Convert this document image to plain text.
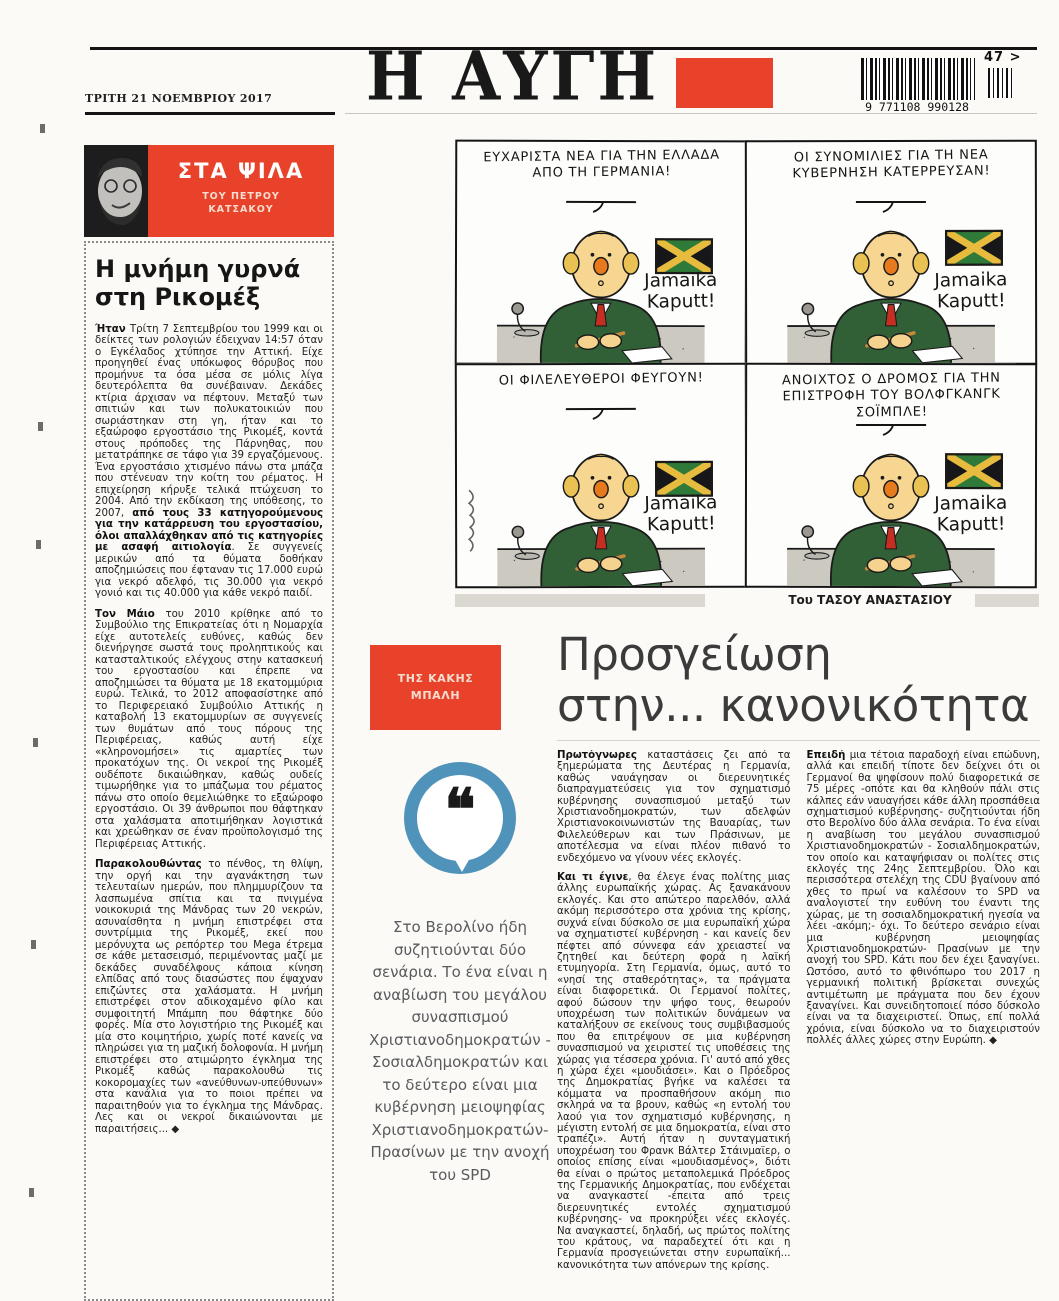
ΤΡΙΤΗ 21 ΝΟΕΜΒΡΙΟΥ 2017	Η ΑΥΓΗ	9 771108 990128
47 >
ΣΤΑ ΨΙΛΑ
ΤΟΥ ΠΕΤΡΟΥ
ΚΑΤΣΑΚΟΥ
Η μνήμη γυρνά στη Ρικομέξ

Ήταν Τρίτη 7 Σεπτεμβρίου του 1999 και οι δείκτες των ρολογιών έδειχναν 14:57 όταν ο Εγκέλαδος χτύπησε την Αττική. Είχε προηγηθεί ένας υπόκωφος θόρυβος που προμήνυε τα όσα μέσα σε μόλις λίγα δευτερόλεπτα θα συνέβαιναν. Δεκάδες κτίρια άρχισαν να πέφτουν. Μεταξύ των σπιτιών και των πολυκατοικιών που σωριάστηκαν στη γη, ήταν και το εξαώροφο εργοστάσιο της Ρικομέξ, κοντά στους πρόποδες της Πάρνηθας, που μετατράπηκε σε τάφο για 39 εργαζόμενους. Ένα εργοστάσιο χτισμένο πάνω στα μπάζα που στένευαν την κοίτη του ρέματος. Η επιχείρηση κήρυξε τελικά πτώχευση το 2004. Από την εκδίκαση της υπόθεσης, το 2007, από τους 33 κατηγορούμενους για την κατάρρευση του εργοστασίου, όλοι απαλλάχθηκαν από τις κατηγορίες με ασαφή αιτιολογία. Σε συγγενείς μερικών από τα θύματα δοθήκαν αποζημιώσεις που έφταναν τις 17.000 ευρώ για νεκρό αδελφό, τις 30.000 για νεκρό γονιό και τις 40.000 για κάθε νεκρό παιδί.

Τον Μάιο του 2010 κρίθηκε από το Συμβούλιο της Επικρατείας ότι η Νομαρχία είχε αυτοτελείς ευθύνες, καθώς δεν διενήργησε σωστά τους προληπτικούς και κατασταλτικούς ελέγχους στην κατασκευή του εργοστασίου και έπρεπε να αποζημιώσει τα θύματα με 18 εκατομμύρια ευρώ. Τελικά, το 2012 αποφασίστηκε από το Περιφερειακό Συμβούλιο Αττικής η καταβολή 13 εκατομμυρίων σε συγγενείς των θυμάτων από τους πόρους της Περιφέρειας, καθώς αυτή είχε «κληρονομήσει» τις αμαρτίες των προκατόχων της. Οι νεκροί της Ρικομέξ ουδέποτε δικαιώθηκαν, καθώς ουδείς τιμωρήθηκε για το μπάζωμα του ρέματος πάνω στο οποίο θεμελιώθηκε το εξαώροφο εργοστάσιο. Οι 39 άνθρωποι που θάφτηκαν στα χαλάσματα αποτιμήθηκαν λογιστικά και χρεώθηκαν σε έναν προϋπολογισμό της Περιφέρειας Αττικής.

Παρακολουθώντας το πένθος, τη θλίψη, την οργή και την αγανάκτηση των τελευταίων ημερών, που πλημμυρίζουν τα λασπωμένα σπίτια και τα πνιγμένα νοικοκυριά της Μάνδρας των 20 νεκρών, ασυναίσθητα η μνήμη επιστρέφει στα συντρίμμια της Ρικομέξ, εκεί που μερόνυχτα ως ρεπόρτερ του Mega έτρεμα σε κάθε μετασεισμό, περιμένοντας μαζί με δεκάδες συναδέλφους κάποια κίνηση ελπίδας από τους διασώστες που έψαχναν επιζώντες στα χαλάσματα. Η μνήμη επιστρέφει στον αδικοχαμένο φίλο και συμφοιτητή Μπάμπη που θάφτηκε δύο φορές. Μία στο λογιστήριο της Ρικομέξ και μία στο κοιμητήριο, χωρίς ποτέ κανείς να πληρώσει για τη μαζική δολοφονία. Η μνήμη επιστρέφει στο ατιμώρητο έγκλημα της Ρικομέξ καθώς παρακολουθώ τις κοκορομαχίες των «ανεύθυνων-υπεύθυνων» στα κανάλια για το ποιοι πρέπει να παραιτηθούν για το έγκλημα της Μάνδρας. Λες και οι νεκροί δικαιώνονται με παραιτήσεις... ◆

ΕΥΧΑΡΙΣΤΑ ΝΕΑ ΓΙΑ ΤΗΝ ΕΛΛΑΔΑ ΑΠΟ ΤΗ ΓΕΡΜΑΝΙΑ!
Jamaika Kaputt!
ΟΙ ΣΥΝΟΜΙΛΙΕΣ ΓΙΑ ΤΗ ΝΕΑ ΚΥΒΕΡΝΗΣΗ ΚΑΤΕΡΡΕΥΣΑΝ!
Jamaika Kaputt!
ΟΙ ΦΙΛΕΛΕΥΘΕΡΟΙ ΦΕΥΓΟΥΝ!
Jamaika Kaputt!
ΑΝΟΙΧΤΟΣ Ο ΔΡΟΜΟΣ ΓΙΑ ΤΗΝ ΕΠΙΣΤΡΟΦΗ ΤΟΥ ΒΟΛΦΓΚΑΝΓΚ ΣΟΪΜΠΛΕ!
Jamaika Kaputt!
Του ΤΑΣΟΥ ΑΝΑΣΤΑΣΙΟΥ
ΤΗΣ ΚΑΚΗΣ
ΜΠΑΛΗ
Προσγείωση
στην... κανονικότητα
❝
Στο Βερολίνο ήδη συζητιούνται δύο σενάρια. Το ένα είναι η αναβίωση του μεγάλου συνασπισμού Χριστιανοδημοκρατών - Σοσιαλδημοκρατών και το δεύτερο είναι μια κυβέρνηση μειοψηφίας Χριστιανοδημοκρατών- Πρασίνων με την ανοχή του SPD

Πρωτόγνωρες καταστάσεις ζει από τα ξημερώματα της Δευτέρας η Γερμανία, καθώς ναυάγησαν οι διερευνητικές διαπραγματεύσεις για τον σχηματισμό κυβέρνησης συνασπισμού μεταξύ των Χριστιανοδημοκρατών, των αδελφών Χριστιανοκοινωνιστών της Βαυαρίας, των Φιλελεύθερων και των Πράσινων, με αποτέλεσμα να είναι πλέον πιθανό το ενδεχόμενο να γίνουν νέες εκλογές.

Και τι έγινε, θα έλεγε ένας πολίτης μιας άλλης ευρωπαϊκής χώρας. Ας ξανακάνουν εκλογές. Και στο απώτερο παρελθόν, αλλά ακόμη περισσότερο στα χρόνια της κρίσης, συχνά είναι δύσκολο σε μια ευρωπαϊκή χώρα να σχηματιστεί κυβέρνηση - και κανείς δεν πέφτει από σύννεφα εάν χρειαστεί να ζητηθεί και δεύτερη φορά η λαϊκή ετυμηγορία. Στη Γερμανία, όμως, αυτό το «νησί της σταθερότητας», τα πράγματα είναι διαφορετικά. Οι Γερμανοί πολίτες, αφού δώσουν την ψήφο τους, θεωρούν υποχρέωση των πολιτικών δυνάμεων να καταλήξουν σε εκείνους τους συμβιβασμούς που θα επιτρέψουν σε μια κυβέρνηση συνασπισμού να χειριστεί τις υποθέσεις της χώρας για τέσσερα χρόνια. Γι' αυτό από χθες η χώρα έχει «μουδιάσει». Και ο Πρόεδρος της Δημοκρατίας βγήκε να καλέσει τα κόμματα να προσπαθήσουν ακόμη πιο σκληρά να τα βρουν, καθώς «η εντολή του λαού για τον σχηματισμό κυβέρνησης, η μέγιστη εντολή σε μια δημοκρατία, είναι στο τραπέζι». Αυτή ήταν η συνταγματική υποχρέωση του Φρανκ Βάλτερ Στάινμαϊερ, ο οποίος επίσης είναι «μουδιασμένος», διότι θα είναι ο πρώτος μεταπολεμικά Πρόεδρος της Γερμανικής Δημοκρατίας, που ενδέχεται να αναγκαστεί -έπειτα από τρεις διερευνητικές εντολές σχηματισμού κυβέρνησης- να προκηρύξει νέες εκλογές. Να αναγκαστεί, δηλαδή, ως πρώτος πολίτης του κράτους, να παραδεχτεί ότι και η Γερμανία προσγειώνεται στην ευρωπαϊκή... κανονικότητα των απόνερων της κρίσης.

Επειδή μια τέτοια παραδοχή είναι επώδυνη, αλλά και επειδή τίποτε δεν δείχνει ότι οι Γερμανοί θα ψηφίσουν πολύ διαφορετικά σε 75 μέρες -οπότε και θα κληθούν πάλι στις κάλπες εάν ναυαγήσει κάθε άλλη προσπάθεια σχηματισμού κυβέρνησης- συζητιούνται ήδη στο Βερολίνο δύο άλλα σενάρια. Το ένα είναι η αναβίωση του μεγάλου συνασπισμού Χριστιανοδημοκρατών - Σοσιαλδημοκρατών, τον οποίο και καταψήφισαν οι πολίτες στις εκλογές της 24ης Σεπτεμβρίου. Όλο και περισσότερα στελέχη της CDU βγαίνουν από χθες το πρωί να καλέσουν το SPD να αναλογιστεί την ευθύνη του έναντι της χώρας, με τη σοσιαλδημοκρατική ηγεσία να λέει -ακόμη;- όχι. Το δεύτερο σενάριο είναι μια κυβέρνηση μειοψηφίας Χριστιανοδημοκρατών- Πρασίνων με την ανοχή του SPD. Κάτι που δεν έχει ξαναγίνει. Ωστόσο, αυτό το φθινόπωρο του 2017 η γερμανική πολιτική βρίσκεται συνεχώς αντιμέτωπη με πράγματα που δεν έχουν ξαναγίνει. Και συνειδητοποιεί πόσο δύσκολο είναι να τα διαχειριστεί. Όπως, επί πολλά χρόνια, είναι δύσκολο να το διαχειριστούν πολλές άλλες χώρες στην Ευρώπη. ◆
